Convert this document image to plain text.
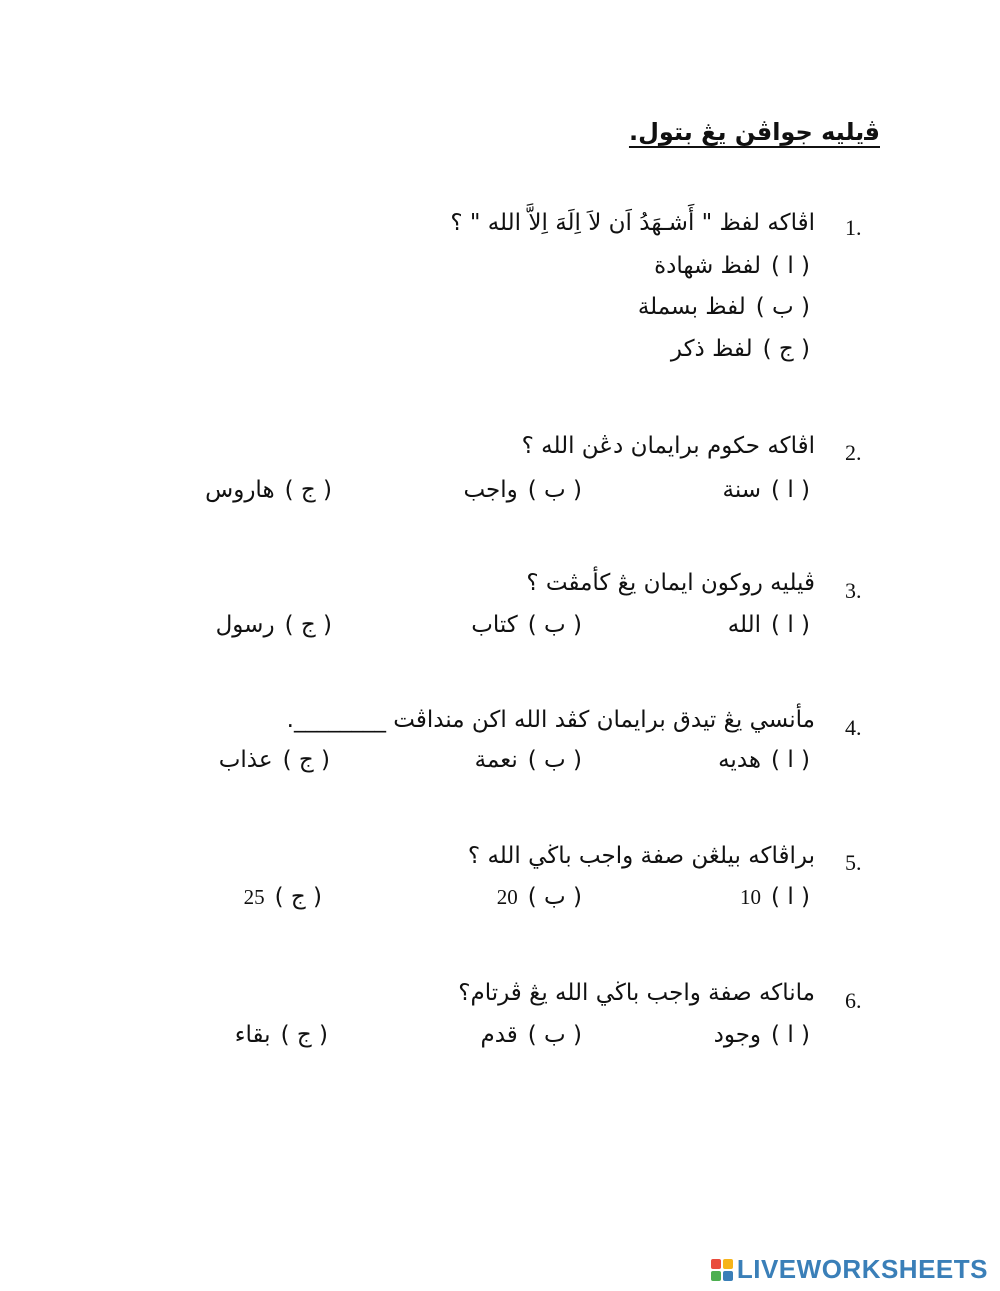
ﭬيليه جواڤن يڠ بتول.
1.
اڤاكه لفظ " أَشـهَدُ اَن لاَ اِلَهَ اِلاَّ الله " ؟
( ا )لفظ شهادة
( ب )لفظ بسملة
( ج )لفظ ذكر
2.
اڤاكه حكوم برايمان دڠن الله ؟
( ا )سنة
( ب )واجب
( ج )هاروس
3.
ڤيليه روكون ايمان يڠ كأمڤت ؟
( ا )الله
( ب )كتاب
( ج )رسول
4.
مأنسي يڠ تيدق برايمان كڤد الله اكن منداڤت ________.
( ا )هديه
( ب )نعمة
( ج )عذاب
5.
براڤاكه بيلڠن صفة واجب باڬي الله ؟
( ا )10
( ب )20
( ج )25
6.
ماناكه صفة واجب باڬي الله يڠ ڤرتام؟
( ا )وجود
( ب )قدم
( ج )بقاء
LIVEWORKSHEETS
